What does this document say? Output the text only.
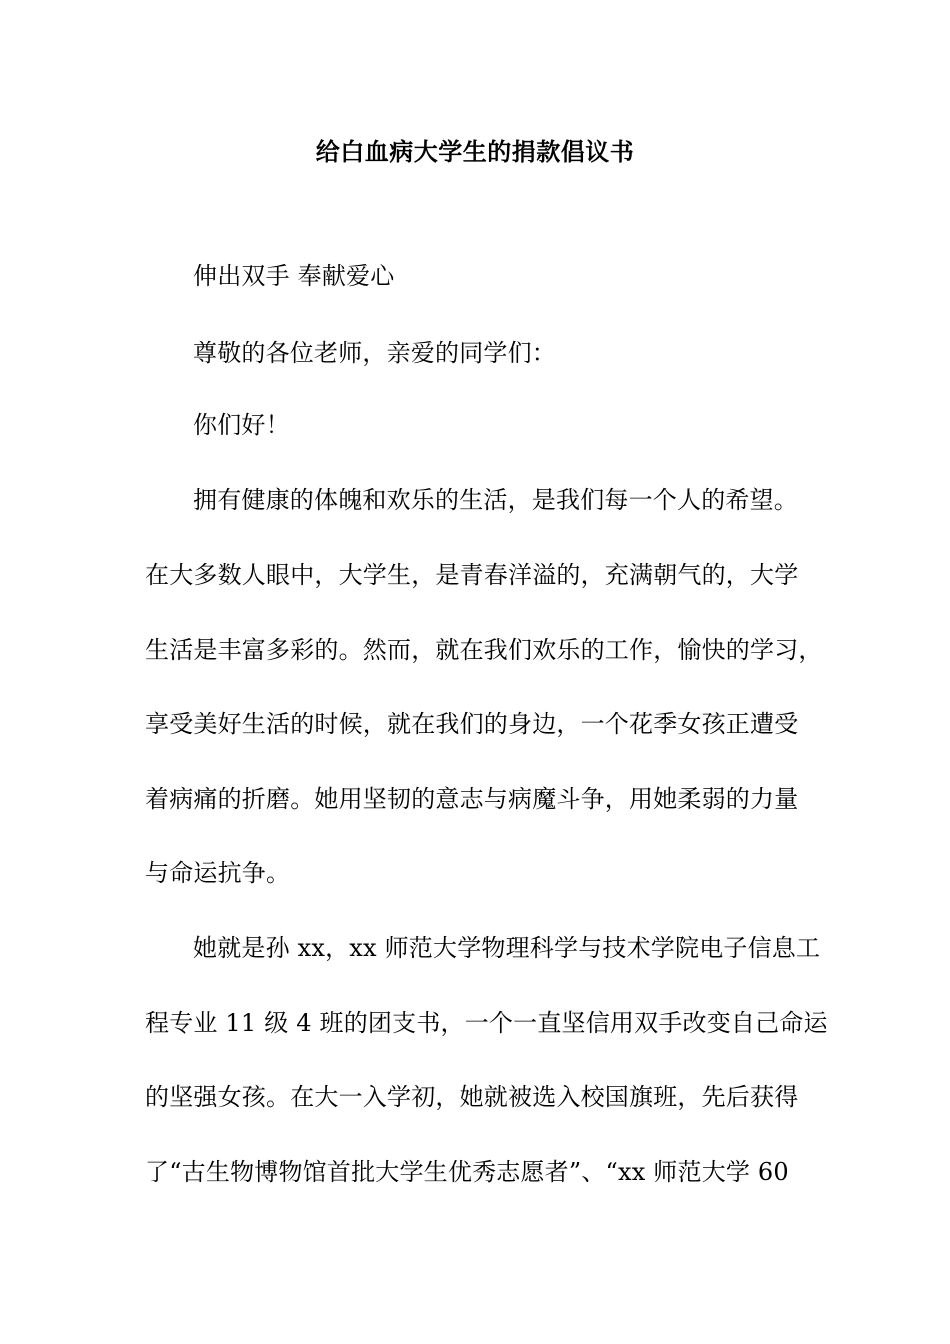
给白血病大学生的捐款倡议书
伸出双手 奉献爱心
尊敬的各位老师，亲爱的同学们：
你们好！
拥有健康的体魄和欢乐的生活，是我们每一个人的希望。
在大多数人眼中，大学生，是青春洋溢的，充满朝气的，大学
生活是丰富多彩的。然而，就在我们欢乐的工作，愉快的学习，
享受美好生活的时候，就在我们的身边，一个花季女孩正遭受
着病痛的折磨。她用坚韧的意志与病魔斗争，用她柔弱的力量
与命运抗争。
她就是孙 xx，xx 师范大学物理科学与技术学院电子信息工
程专业 11 级 4 班的团支书，一个一直坚信用双手改变自己命运
的坚强女孩。在大一入学初，她就被选入校国旗班，先后获得
了“古生物博物馆首批大学生优秀志愿者”、“xx 师范大学 60
